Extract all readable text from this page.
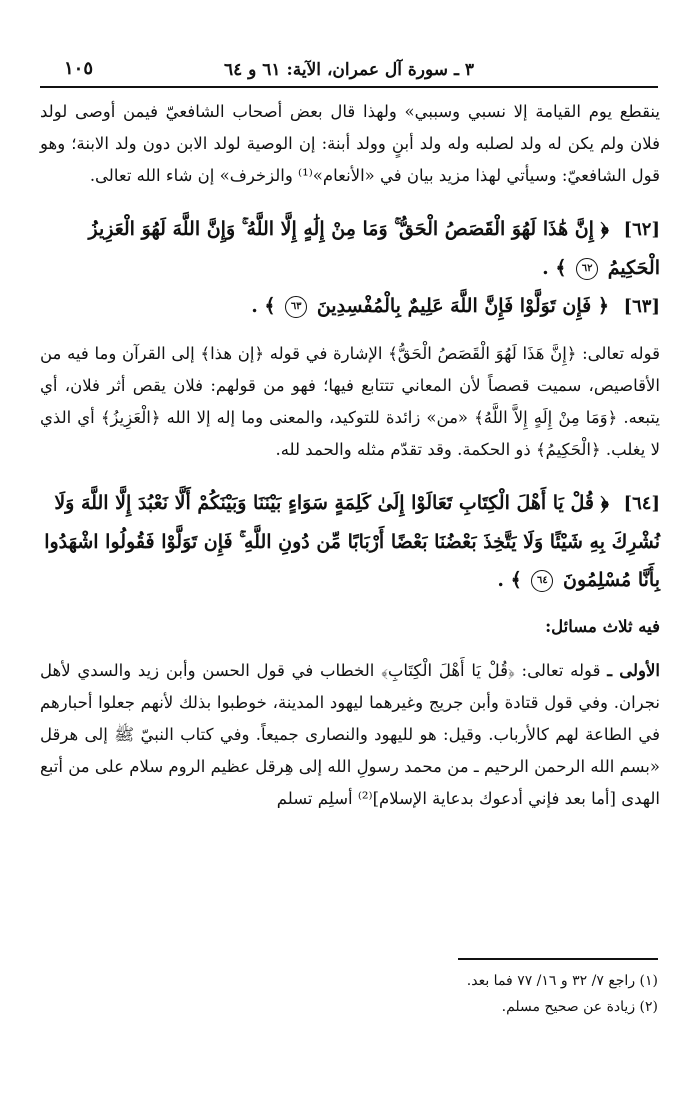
٣ ـ سورة آل عمران، الآية: ٦١ و ٦٤
١٠٥

ينقطع يوم القيامة إلا نسبي وسببي» ولهذا قال بعض أصحاب الشافعيّ فيمن أوصى لولد فلان ولم يكن له ولد لصلبه وله ولد أبنٍ وولد أبنة: إن الوصية لولد الابن دون ولد الابنة؛ وهو قول الشافعيّ: وسيأتي لهذا مزيد بيان في «الأنعام»⁽¹⁾ والزخرف» إن شاء الله تعالى.

[٦٢] ﴿ إِنَّ هَٰذَا لَهُوَ الْقَصَصُ الْحَقُّ ۚ وَمَا مِنْ إِلَٰهٍ إِلَّا اللَّهُ ۚ وَإِنَّ اللَّهَ لَهُوَ الْعَزِيزُ الْحَكِيمُ ٦٢ ﴾ .

[٦٣] ﴿ فَإِن تَوَلَّوْا فَإِنَّ اللَّهَ عَلِيمٌ بِالْمُفْسِدِينَ ٦٣ ﴾ .

قوله تعالى: ﴿إِنَّ هَذَا لَهُوَ الْقَصَصُ الْحَقُّ﴾ الإشارة في قوله ﴿إن هذا﴾ إلى القرآن وما فيه من الأقاصيص، سميت قصصاً لأن المعاني تتتابع فيها؛ فهو من قولهم: فلان يقص أثر فلان، أي يتبعه. ﴿وَمَا مِنْ إِلَهٍ إِلاَّ اللَّهُ﴾ «من» زائدة للتوكيد، والمعنى وما إله إلا الله ﴿الْعَزِيزُ﴾ أي الذي لا يغلب. ﴿الْحَكِيمُ﴾ ذو الحكمة. وقد تقدّم مثله والحمد لله.

[٦٤] ﴿ قُلْ يَا أَهْلَ الْكِتَابِ تَعَالَوْا إِلَىٰ كَلِمَةٍ سَوَاءٍ بَيْنَنَا وَبَيْنَكُمْ أَلَّا نَعْبُدَ إِلَّا اللَّهَ وَلَا نُشْرِكَ بِهِ شَيْئًا وَلَا يَتَّخِذَ بَعْضُنَا بَعْضًا أَرْبَابًا مِّن دُونِ اللَّهِ ۚ فَإِن تَوَلَّوْا فَقُولُوا اشْهَدُوا بِأَنَّا مُسْلِمُونَ ٦٤ ﴾ .

فيه ثلاث مسائل:

الأولى ـ قوله تعالى: ﴿قُلْ يَا أَهْلَ الْكِتَابِ﴾ الخطاب في قول الحسن وأبن زيد والسدي لأهل نجران. وفي قول قتادة وأبن جريج وغيرهما ليهود المدينة، خوطبوا بذلك لأنهم جعلوا أحبارهم في الطاعة لهم كالأرباب. وقيل: هو لليهود والنصارى جميعاً. وفي كتاب النبيّ ﷺ إلى هرقل «بسم الله الرحمن الرحيم ـ من محمد رسولِ الله إلى هِرقل عظيم الروم سلام على من أتبع الهدى [أما بعد فإني أدعوك بدعاية الإسلام]⁽²⁾ أسلِم تسلم

(١) راجع ٧/ ٣٢ و ١٦/ ٧٧ فما بعد.

(٢) زيادة عن صحيح مسلم.
